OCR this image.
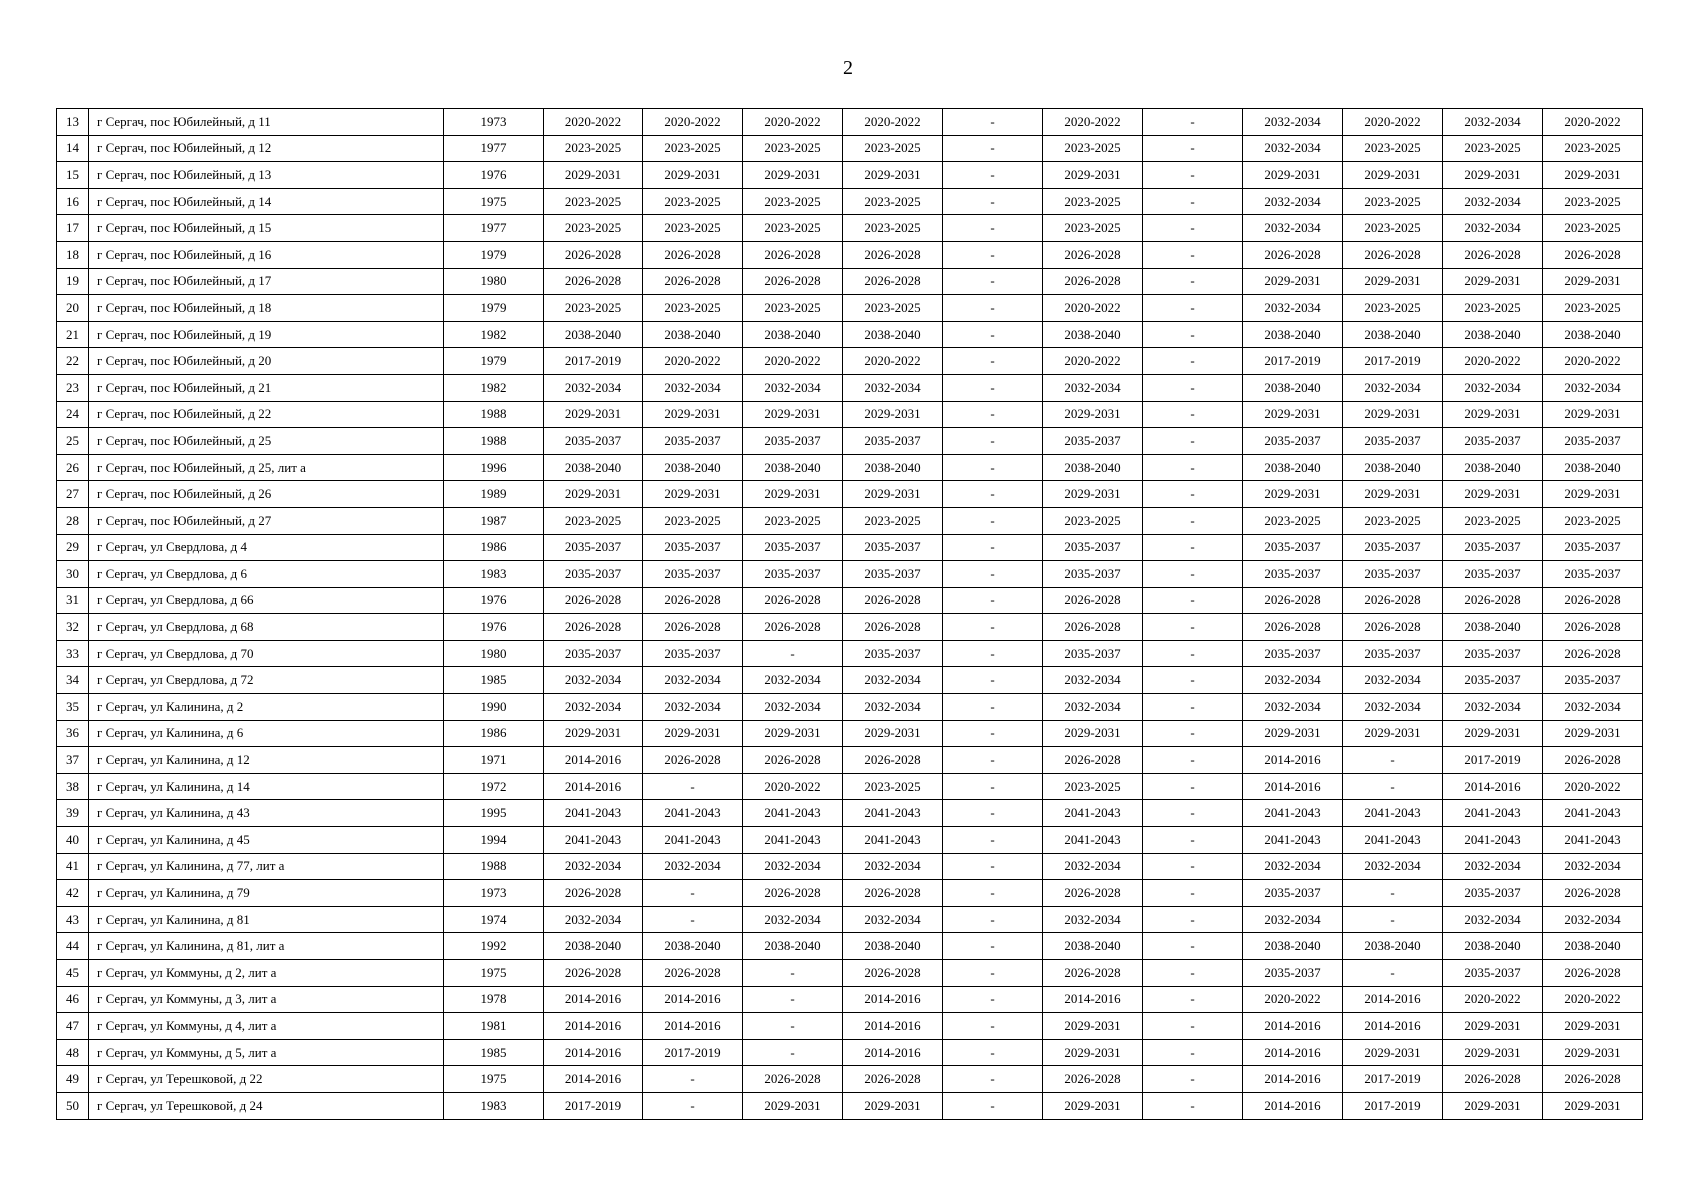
2
13	г Сергач, пос Юбилейный, д 11	1973	2020-2022	2020-2022	2020-2022	2020-2022	-	2020-2022	-	2032-2034	2020-2022	2032-2034	2020-2022
14	г Сергач, пос Юбилейный, д 12	1977	2023-2025	2023-2025	2023-2025	2023-2025	-	2023-2025	-	2032-2034	2023-2025	2023-2025	2023-2025
15	г Сергач, пос Юбилейный, д 13	1976	2029-2031	2029-2031	2029-2031	2029-2031	-	2029-2031	-	2029-2031	2029-2031	2029-2031	2029-2031
16	г Сергач, пос Юбилейный, д 14	1975	2023-2025	2023-2025	2023-2025	2023-2025	-	2023-2025	-	2032-2034	2023-2025	2032-2034	2023-2025
17	г Сергач, пос Юбилейный, д 15	1977	2023-2025	2023-2025	2023-2025	2023-2025	-	2023-2025	-	2032-2034	2023-2025	2032-2034	2023-2025
18	г Сергач, пос Юбилейный, д 16	1979	2026-2028	2026-2028	2026-2028	2026-2028	-	2026-2028	-	2026-2028	2026-2028	2026-2028	2026-2028
19	г Сергач, пос Юбилейный, д 17	1980	2026-2028	2026-2028	2026-2028	2026-2028	-	2026-2028	-	2029-2031	2029-2031	2029-2031	2029-2031
20	г Сергач, пос Юбилейный, д 18	1979	2023-2025	2023-2025	2023-2025	2023-2025	-	2020-2022	-	2032-2034	2023-2025	2023-2025	2023-2025
21	г Сергач, пос Юбилейный, д 19	1982	2038-2040	2038-2040	2038-2040	2038-2040	-	2038-2040	-	2038-2040	2038-2040	2038-2040	2038-2040
22	г Сергач, пос Юбилейный, д 20	1979	2017-2019	2020-2022	2020-2022	2020-2022	-	2020-2022	-	2017-2019	2017-2019	2020-2022	2020-2022
23	г Сергач, пос Юбилейный, д 21	1982	2032-2034	2032-2034	2032-2034	2032-2034	-	2032-2034	-	2038-2040	2032-2034	2032-2034	2032-2034
24	г Сергач, пос Юбилейный, д 22	1988	2029-2031	2029-2031	2029-2031	2029-2031	-	2029-2031	-	2029-2031	2029-2031	2029-2031	2029-2031
25	г Сергач, пос Юбилейный, д 25	1988	2035-2037	2035-2037	2035-2037	2035-2037	-	2035-2037	-	2035-2037	2035-2037	2035-2037	2035-2037
26	г Сергач, пос Юбилейный, д 25, лит а	1996	2038-2040	2038-2040	2038-2040	2038-2040	-	2038-2040	-	2038-2040	2038-2040	2038-2040	2038-2040
27	г Сергач, пос Юбилейный, д 26	1989	2029-2031	2029-2031	2029-2031	2029-2031	-	2029-2031	-	2029-2031	2029-2031	2029-2031	2029-2031
28	г Сергач, пос Юбилейный, д 27	1987	2023-2025	2023-2025	2023-2025	2023-2025	-	2023-2025	-	2023-2025	2023-2025	2023-2025	2023-2025
29	г Сергач, ул Свердлова, д 4	1986	2035-2037	2035-2037	2035-2037	2035-2037	-	2035-2037	-	2035-2037	2035-2037	2035-2037	2035-2037
30	г Сергач, ул Свердлова, д 6	1983	2035-2037	2035-2037	2035-2037	2035-2037	-	2035-2037	-	2035-2037	2035-2037	2035-2037	2035-2037
31	г Сергач, ул Свердлова, д 66	1976	2026-2028	2026-2028	2026-2028	2026-2028	-	2026-2028	-	2026-2028	2026-2028	2026-2028	2026-2028
32	г Сергач, ул Свердлова, д 68	1976	2026-2028	2026-2028	2026-2028	2026-2028	-	2026-2028	-	2026-2028	2026-2028	2038-2040	2026-2028
33	г Сергач, ул Свердлова, д 70	1980	2035-2037	2035-2037	-	2035-2037	-	2035-2037	-	2035-2037	2035-2037	2035-2037	2026-2028
34	г Сергач, ул Свердлова, д 72	1985	2032-2034	2032-2034	2032-2034	2032-2034	-	2032-2034	-	2032-2034	2032-2034	2035-2037	2035-2037
35	г Сергач, ул Калинина, д 2	1990	2032-2034	2032-2034	2032-2034	2032-2034	-	2032-2034	-	2032-2034	2032-2034	2032-2034	2032-2034
36	г Сергач, ул Калинина, д 6	1986	2029-2031	2029-2031	2029-2031	2029-2031	-	2029-2031	-	2029-2031	2029-2031	2029-2031	2029-2031
37	г Сергач, ул Калинина, д 12	1971	2014-2016	2026-2028	2026-2028	2026-2028	-	2026-2028	-	2014-2016	-	2017-2019	2026-2028
38	г Сергач, ул Калинина, д 14	1972	2014-2016	-	2020-2022	2023-2025	-	2023-2025	-	2014-2016	-	2014-2016	2020-2022
39	г Сергач, ул Калинина, д 43	1995	2041-2043	2041-2043	2041-2043	2041-2043	-	2041-2043	-	2041-2043	2041-2043	2041-2043	2041-2043
40	г Сергач, ул Калинина, д 45	1994	2041-2043	2041-2043	2041-2043	2041-2043	-	2041-2043	-	2041-2043	2041-2043	2041-2043	2041-2043
41	г Сергач, ул Калинина, д 77, лит а	1988	2032-2034	2032-2034	2032-2034	2032-2034	-	2032-2034	-	2032-2034	2032-2034	2032-2034	2032-2034
42	г Сергач, ул Калинина, д 79	1973	2026-2028	-	2026-2028	2026-2028	-	2026-2028	-	2035-2037	-	2035-2037	2026-2028
43	г Сергач, ул Калинина, д 81	1974	2032-2034	-	2032-2034	2032-2034	-	2032-2034	-	2032-2034	-	2032-2034	2032-2034
44	г Сергач, ул Калинина, д 81, лит а	1992	2038-2040	2038-2040	2038-2040	2038-2040	-	2038-2040	-	2038-2040	2038-2040	2038-2040	2038-2040
45	г Сергач, ул Коммуны, д 2, лит а	1975	2026-2028	2026-2028	-	2026-2028	-	2026-2028	-	2035-2037	-	2035-2037	2026-2028
46	г Сергач, ул Коммуны, д 3, лит а	1978	2014-2016	2014-2016	-	2014-2016	-	2014-2016	-	2020-2022	2014-2016	2020-2022	2020-2022
47	г Сергач, ул Коммуны, д 4, лит а	1981	2014-2016	2014-2016	-	2014-2016	-	2029-2031	-	2014-2016	2014-2016	2029-2031	2029-2031
48	г Сергач, ул Коммуны, д 5, лит а	1985	2014-2016	2017-2019	-	2014-2016	-	2029-2031	-	2014-2016	2029-2031	2029-2031	2029-2031
49	г Сергач, ул Терешковой, д 22	1975	2014-2016	-	2026-2028	2026-2028	-	2026-2028	-	2014-2016	2017-2019	2026-2028	2026-2028
50	г Сергач, ул Терешковой, д 24	1983	2017-2019	-	2029-2031	2029-2031	-	2029-2031	-	2014-2016	2017-2019	2029-2031	2029-2031
